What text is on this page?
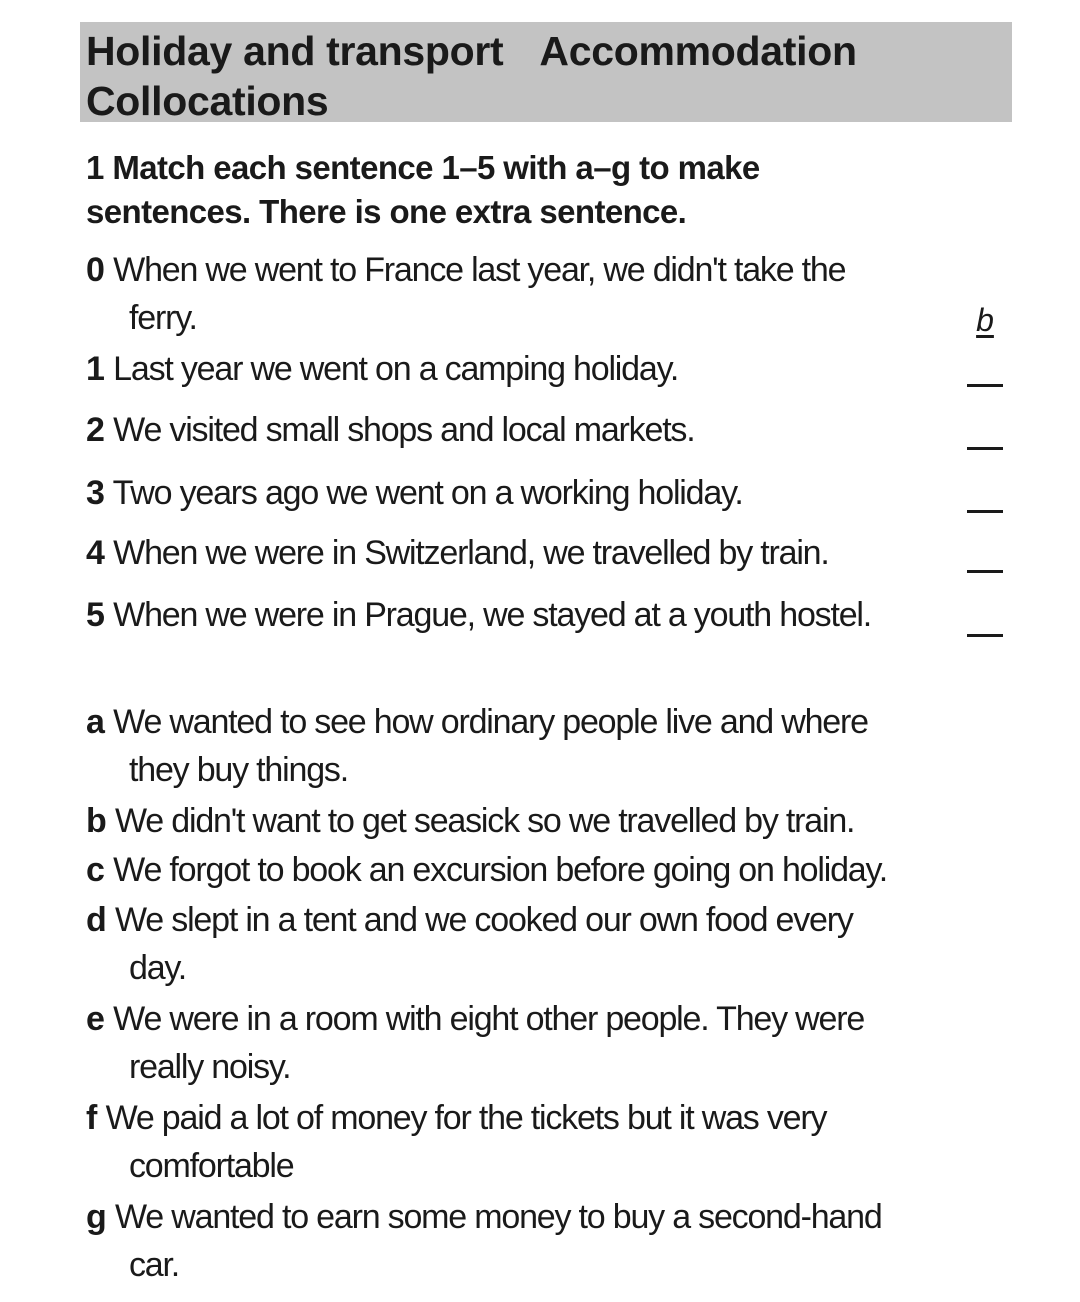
Holiday and transport Accommodation
Collocations
1 Match each sentence 1–5 with a–g to make
sentences. There is one extra sentence.
0 When we went to France last year, we didn't take the
ferry.	b
1 Last year we went on a camping holiday.
2 We visited small shops and local markets.
3 Two years ago we went on a working holiday.
4 When we were in Switzerland, we travelled by train.
5 When we were in Prague, we stayed at a youth hostel.
a We wanted to see how ordinary people live and where
they buy things.
b We didn't want to get seasick so we travelled by train.
c We forgot to book an excursion before going on holiday.
d We slept in a tent and we cooked our own food every
day.
e We were in a room with eight other people. They were
really noisy.
f We paid a lot of money for the tickets but it was very
comfortable
g We wanted to earn some money to buy a second-hand
car.
